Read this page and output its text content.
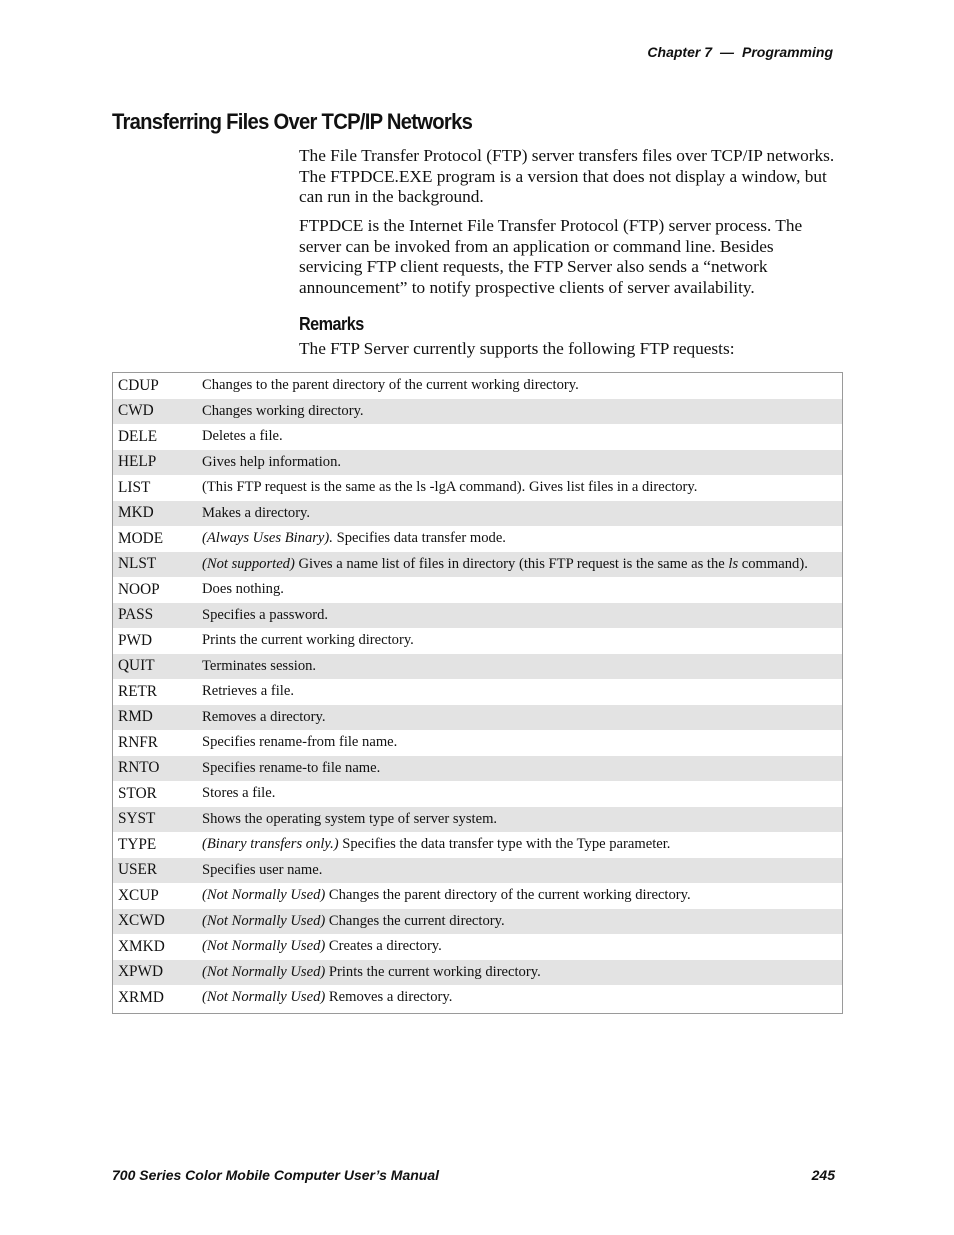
Chapter 7 — Programming
Transferring Files Over TCP/IP Networks

The File Transfer Protocol (FTP) server transfers files over TCP/IP networks. The FTPDCE.EXE program is a version that does not display a window, but can run in the background.

FTPDCE is the Internet File Transfer Protocol (FTP) server process. The server can be invoked from an application or command line. Besides servicing FTP client requests, the FTP Server also sends a “network announcement” to notify prospective clients of server availability.

Remarks

The FTP Server currently supports the following FTP requests:

CDUP	Changes to the parent directory of the current working directory.
CWD	Changes working directory.
DELE	Deletes a file.
HELP	Gives help information.
LIST	(This FTP request is the same as the ls -lgA command). Gives list files in a directory.
MKD	Makes a directory.
MODE	(Always Uses Binary). Specifies data transfer mode.
NLST	(Not supported) Gives a name list of files in directory (this FTP request is the same as the ls command).
NOOP	Does nothing.
PASS	Specifies a password.
PWD	Prints the current working directory.
QUIT	Terminates session.
RETR	Retrieves a file.
RMD	Removes a directory.
RNFR	Specifies rename-from file name.
RNTO	Specifies rename-to file name.
STOR	Stores a file.
SYST	Shows the operating system type of server system.
TYPE	(Binary transfers only.) Specifies the data transfer type with the Type parameter.
USER	Specifies user name.
XCUP	(Not Normally Used) Changes the parent directory of the current working directory.
XCWD	(Not Normally Used) Changes the current directory.
XMKD	(Not Normally Used) Creates a directory.
XPWD	(Not Normally Used) Prints the current working directory.
XRMD	(Not Normally Used) Removes a directory.
700 Series Color Mobile Computer User’s Manual	245
